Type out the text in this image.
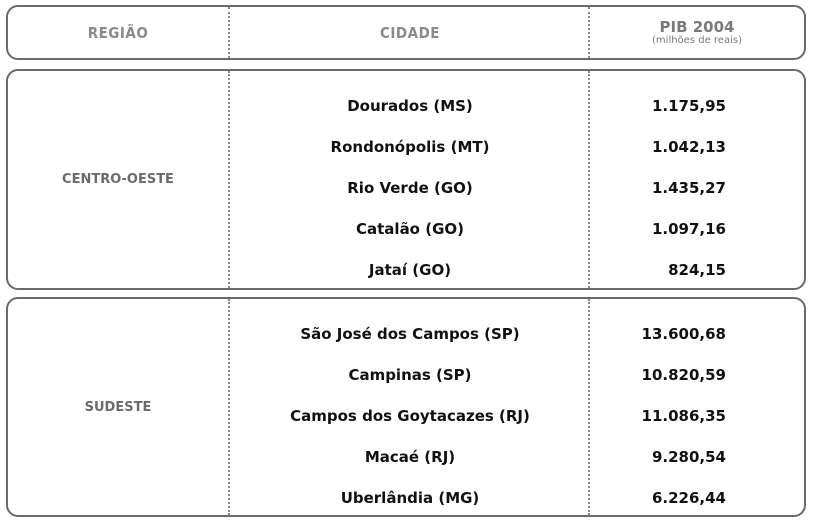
REGIÃO	CIDADE	PIB 2004
(milhões de reais)
CENTRO-OESTE
Dourados (MS)
Rondonópolis (MT)
Rio Verde (GO)
Catalão (GO)
Jataí (GO)
1.175,95
1.042,13
1.435,27
1.097,16
824,15
SUDESTE
São José dos Campos (SP)
Campinas (SP)
Campos dos Goytacazes (RJ)
Macaé (RJ)
Uberlândia (MG)
13.600,68
10.820,59
11.086,35
9.280,54
6.226,44
